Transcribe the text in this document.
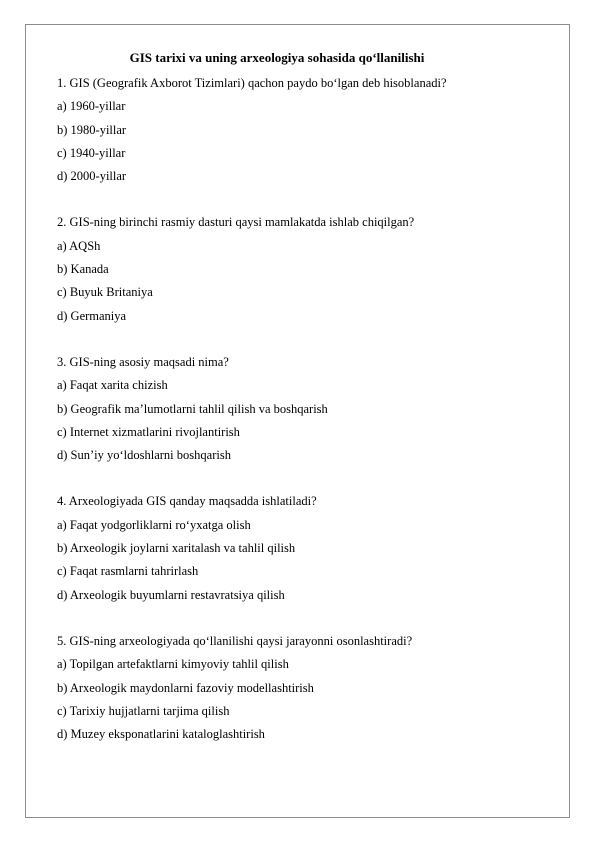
GIS tarixi va uning arxeologiya sohasida qo‘llanilishi
1. GIS (Geografik Axborot Tizimlari) qachon paydo bo‘lgan deb hisoblanadi?
a) 1960-yillar
b) 1980-yillar
c) 1940-yillar
d) 2000-yillar
2. GIS-ning birinchi rasmiy dasturi qaysi mamlakatda ishlab chiqilgan?
a) AQSh
b) Kanada
c) Buyuk Britaniya
d) Germaniya
3. GIS-ning asosiy maqsadi nima?
a) Faqat xarita chizish
b) Geografik ma’lumotlarni tahlil qilish va boshqarish
c) Internet xizmatlarini rivojlantirish
d) Sun’iy yo‘ldoshlarni boshqarish
4. Arxeologiyada GIS qanday maqsadda ishlatiladi?
a) Faqat yodgorliklarni ro‘yxatga olish
b) Arxeologik joylarni xaritalash va tahlil qilish
c) Faqat rasmlarni tahrirlash
d) Arxeologik buyumlarni restavratsiya qilish
5. GIS-ning arxeologiyada qo‘llanilishi qaysi jarayonni osonlashtiradi?
a) Topilgan artefaktlarni kimyoviy tahlil qilish
b) Arxeologik maydonlarni fazoviy modellashtirish
c) Tarixiy hujjatlarni tarjima qilish
d) Muzey eksponatlarini kataloglashtirish
